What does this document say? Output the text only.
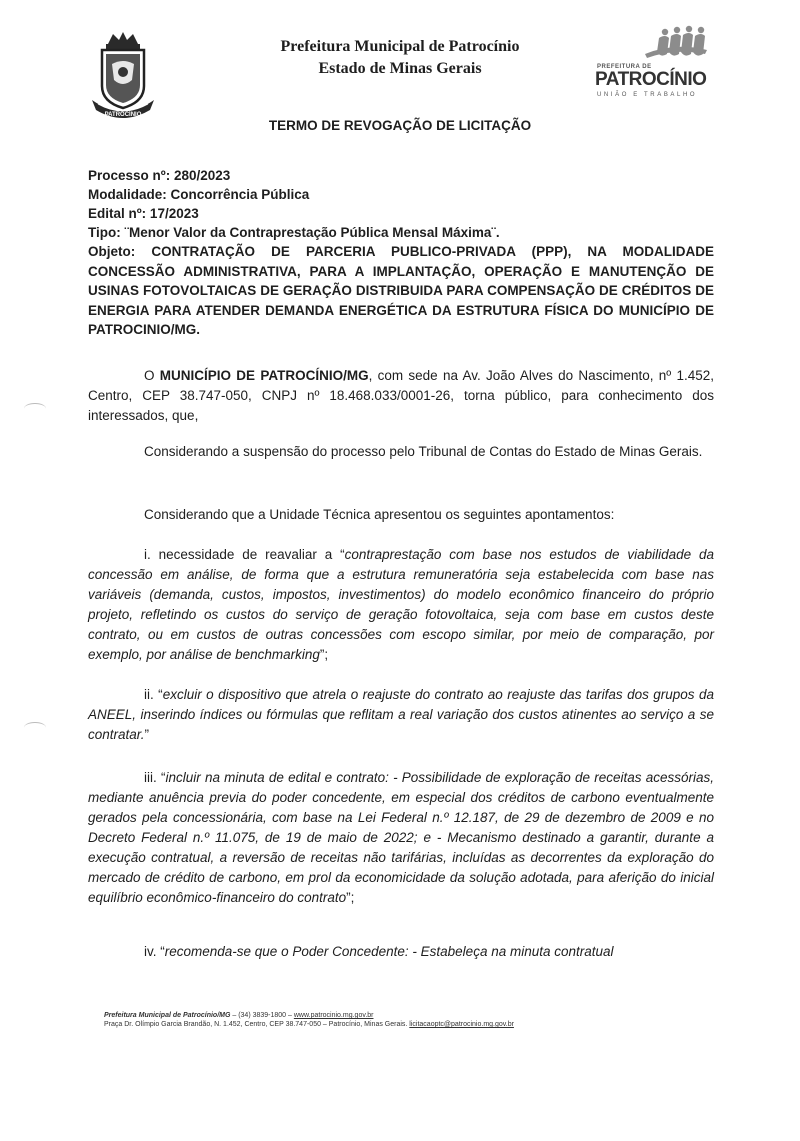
PATROCÍNIO
Prefeitura Municipal de Patrocínio
Estado de Minas Gerais	PREFEITURA DE
PATROCÍNIO
UNIÃO E TRABALHO
TERMO DE REVOGAÇÃO DE LICITAÇÃO
Processo nº: 280/2023
Modalidade: Concorrência Pública
Edital nº: 17/2023
Tipo: ¨Menor Valor da Contraprestação Pública Mensal Máxima¨.
Objeto: CONTRATAÇÃO DE PARCERIA PUBLICO-PRIVADA (PPP), NA MODALIDADE CONCESSÃO ADMINISTRATIVA, PARA A IMPLANTAÇÃO, OPERAÇÃO E MANUTENÇÃO DE USINAS FOTOVOLTAICAS DE GERAÇÃO DISTRIBUIDA PARA COMPENSAÇÃO DE CRÉDITOS DE ENERGIA PARA ATENDER DEMANDA ENERGÉTICA DA ESTRUTURA FÍSICA DO MUNICÍPIO DE PATROCINIO/MG.
O MUNICÍPIO DE PATROCÍNIO/MG, com sede na Av. João Alves do Nascimento, nº 1.452, Centro, CEP 38.747-050, CNPJ nº 18.468.033/0001-26, torna público, para conhecimento dos interessados, que,
Considerando a suspensão do processo pelo Tribunal de Contas do Estado de Minas Gerais.
Considerando que a Unidade Técnica apresentou os seguintes apontamentos:
i. necessidade de reavaliar a “contraprestação com base nos estudos de viabilidade da concessão em análise, de forma que a estrutura remuneratória seja estabelecida com base nas variáveis (demanda, custos, impostos, investimentos) do modelo econômico financeiro do próprio projeto, refletindo os custos do serviço de geração fotovoltaica, seja com base em custos deste contrato, ou em custos de outras concessões com escopo similar, por meio de comparação, por exemplo, por análise de benchmarking”;
ii. “excluir o dispositivo que atrela o reajuste do contrato ao reajuste das tarifas dos grupos da ANEEL, inserindo índices ou fórmulas que reflitam a real variação dos custos atinentes ao serviço a se contratar.”
iii. “incluir na minuta de edital e contrato: - Possibilidade de exploração de receitas acessórias, mediante anuência previa do poder concedente, em especial dos créditos de carbono eventualmente gerados pela concessionária, com base na Lei Federal n.º 12.187, de 29 de dezembro de 2009 e no Decreto Federal n.º 11.075, de 19 de maio de 2022; e - Mecanismo destinado a garantir, durante a execução contratual, a reversão de receitas não tarifárias, incluídas as decorrentes da exploração do mercado de crédito de carbono, em prol da economicidade da solução adotada, para aferição do inicial equilíbrio econômico-financeiro do contrato”;
iv. “recomenda-se que o Poder Concedente: - Estabeleça na minuta contratual
Prefeitura Municipal de Patrocínio/MG – (34) 3839-1800 – www.patrocinio.mg.gov.br
Praça Dr. Olímpio Garcia Brandão, N. 1.452, Centro, CEP 38.747-050 – Patrocínio, Minas Gerais. licitacaoptc@patrocinio.mg.gov.br
